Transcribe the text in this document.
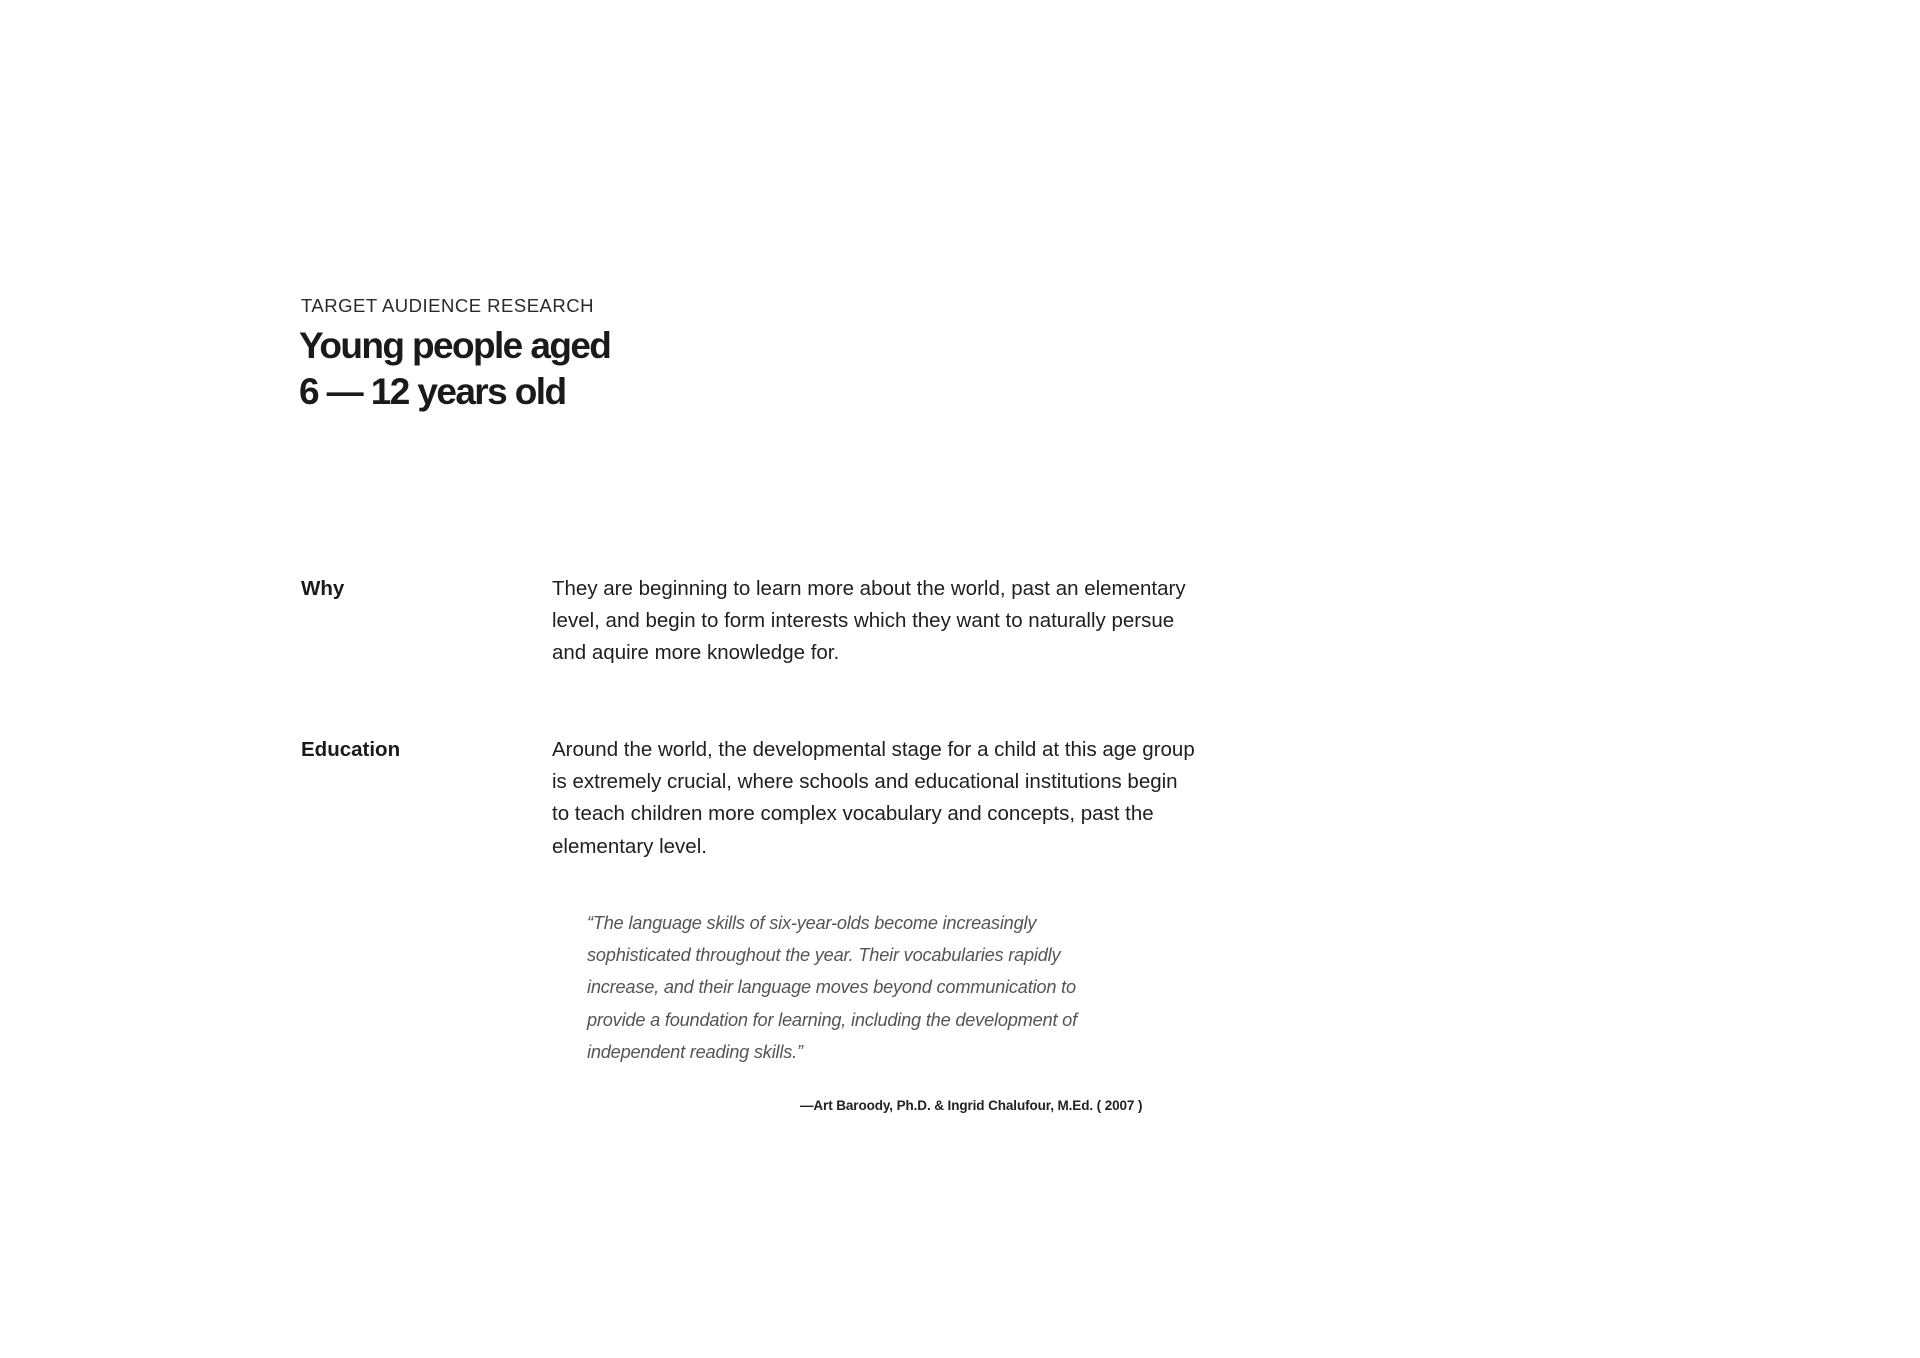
TARGET AUDIENCE RESEARCH
Young people aged
6 — 12 years old
Why	They are beginning to learn more about the world, past an elementary
level, and begin to form interests which they want to naturally persue
and aquire more knowledge for.
Education	Around the world, the developmental stage for a child at this age group
is extremely crucial, where schools and educational institutions begin
to teach children more complex vocabulary and concepts, past the
elementary level.
“The language skills of six-year-olds become increasingly
sophisticated throughout the year. Their vocabularies rapidly
increase, and their language moves beyond communication to
provide a foundation for learning, including the development of
independent reading skills.”
—Art Baroody, Ph.D. & Ingrid Chalufour, M.Ed. ( 2007 )
